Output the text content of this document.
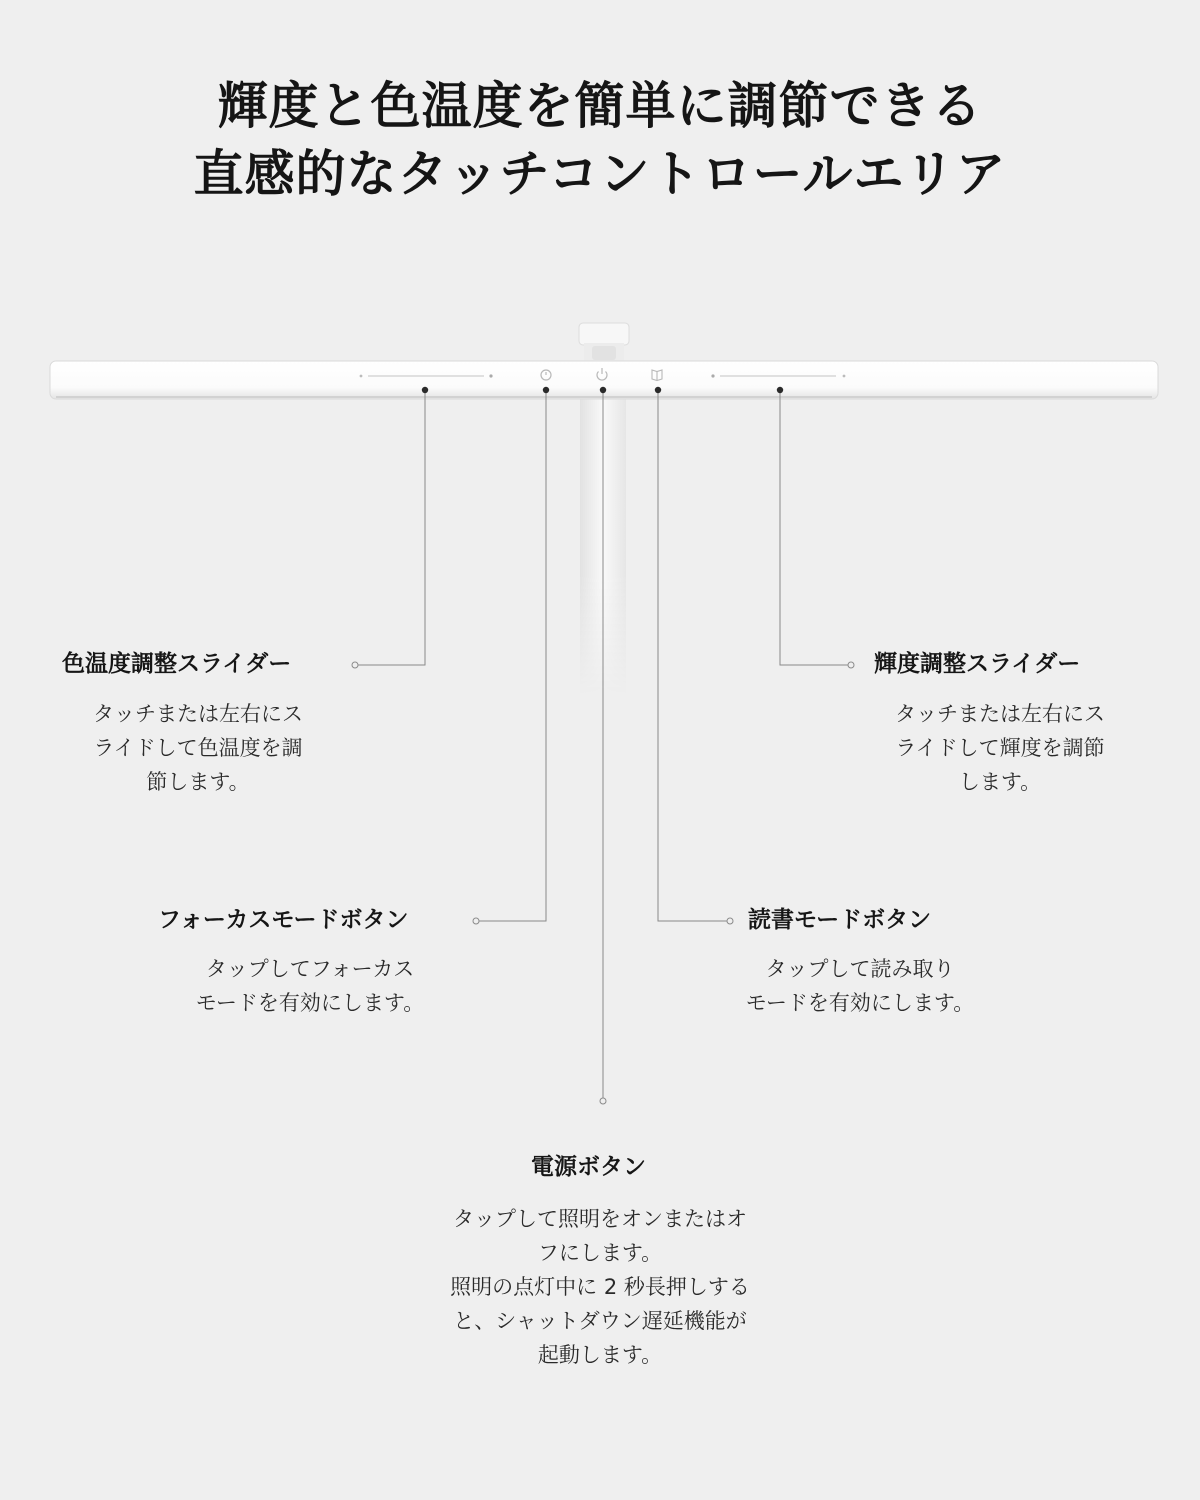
輝度と色温度を簡単に調節できる
直感的なタッチコントロールエリア
色温度調整スライダー
タッチまたは左右にス
ライドして色温度を調
節します。
輝度調整スライダー
タッチまたは左右にス
ライドして輝度を調節
します。
フォーカスモードボタン
タップしてフォーカス
モードを有効にします。
読書モードボタン
タップして読み取り
モードを有効にします。
電源ボタン
タップして照明をオンまたはオ
フにします。
照明の点灯中に 2 秒長押しする
と、シャットダウン遅延機能が
起動します。
